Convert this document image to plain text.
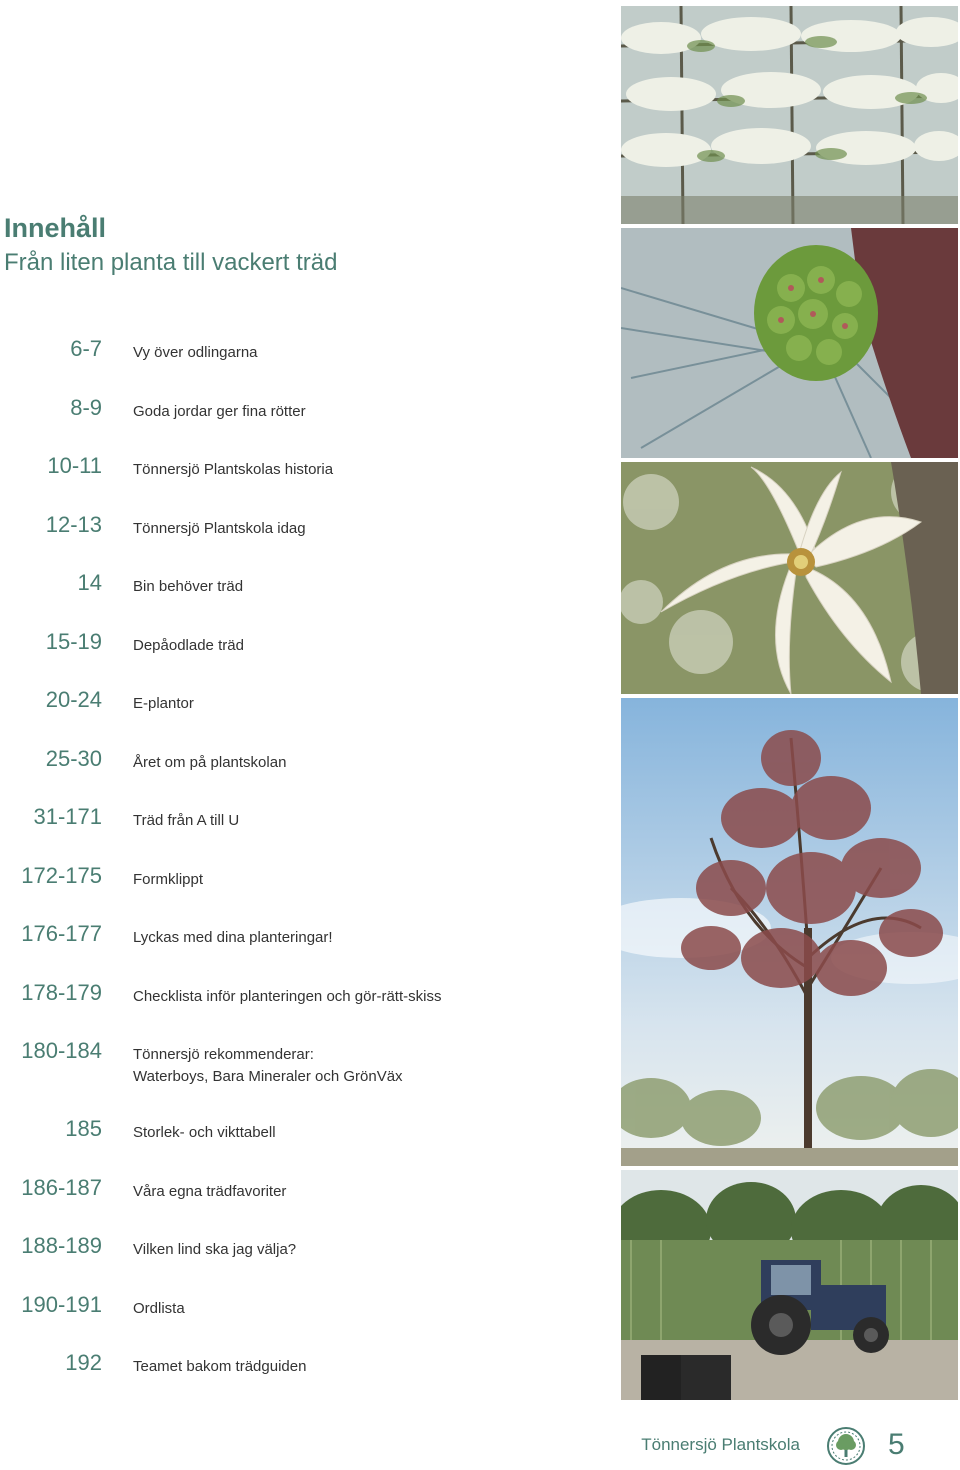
Innehåll
Från liten planta till vackert träd
6-7 Vy över odlingarna
8-9 Goda jordar ger fina rötter
10-11 Tönnersjö Plantskolas historia
12-13 Tönnersjö Plantskola idag
14 Bin behöver träd
15-19 Depåodlade träd
20-24 E-plantor
25-30 Året om på plantskolan
31-171 Träd från A till U
172-175 Formklippt
176-177 Lyckas med dina planteringar!
178-179 Checklista inför planteringen och gör-rätt-skiss
180-184 Tönnersjö rekommenderar:
Waterboys, Bara Mineraler och GrönVäx
185 Storlek- och vikttabell
186-187 Våra egna trädfavoriter
188-189 Vilken lind ska jag välja?
190-191 Ordlista
192 Teamet bakom trädguiden
Tönnersjö Plantskola	5
